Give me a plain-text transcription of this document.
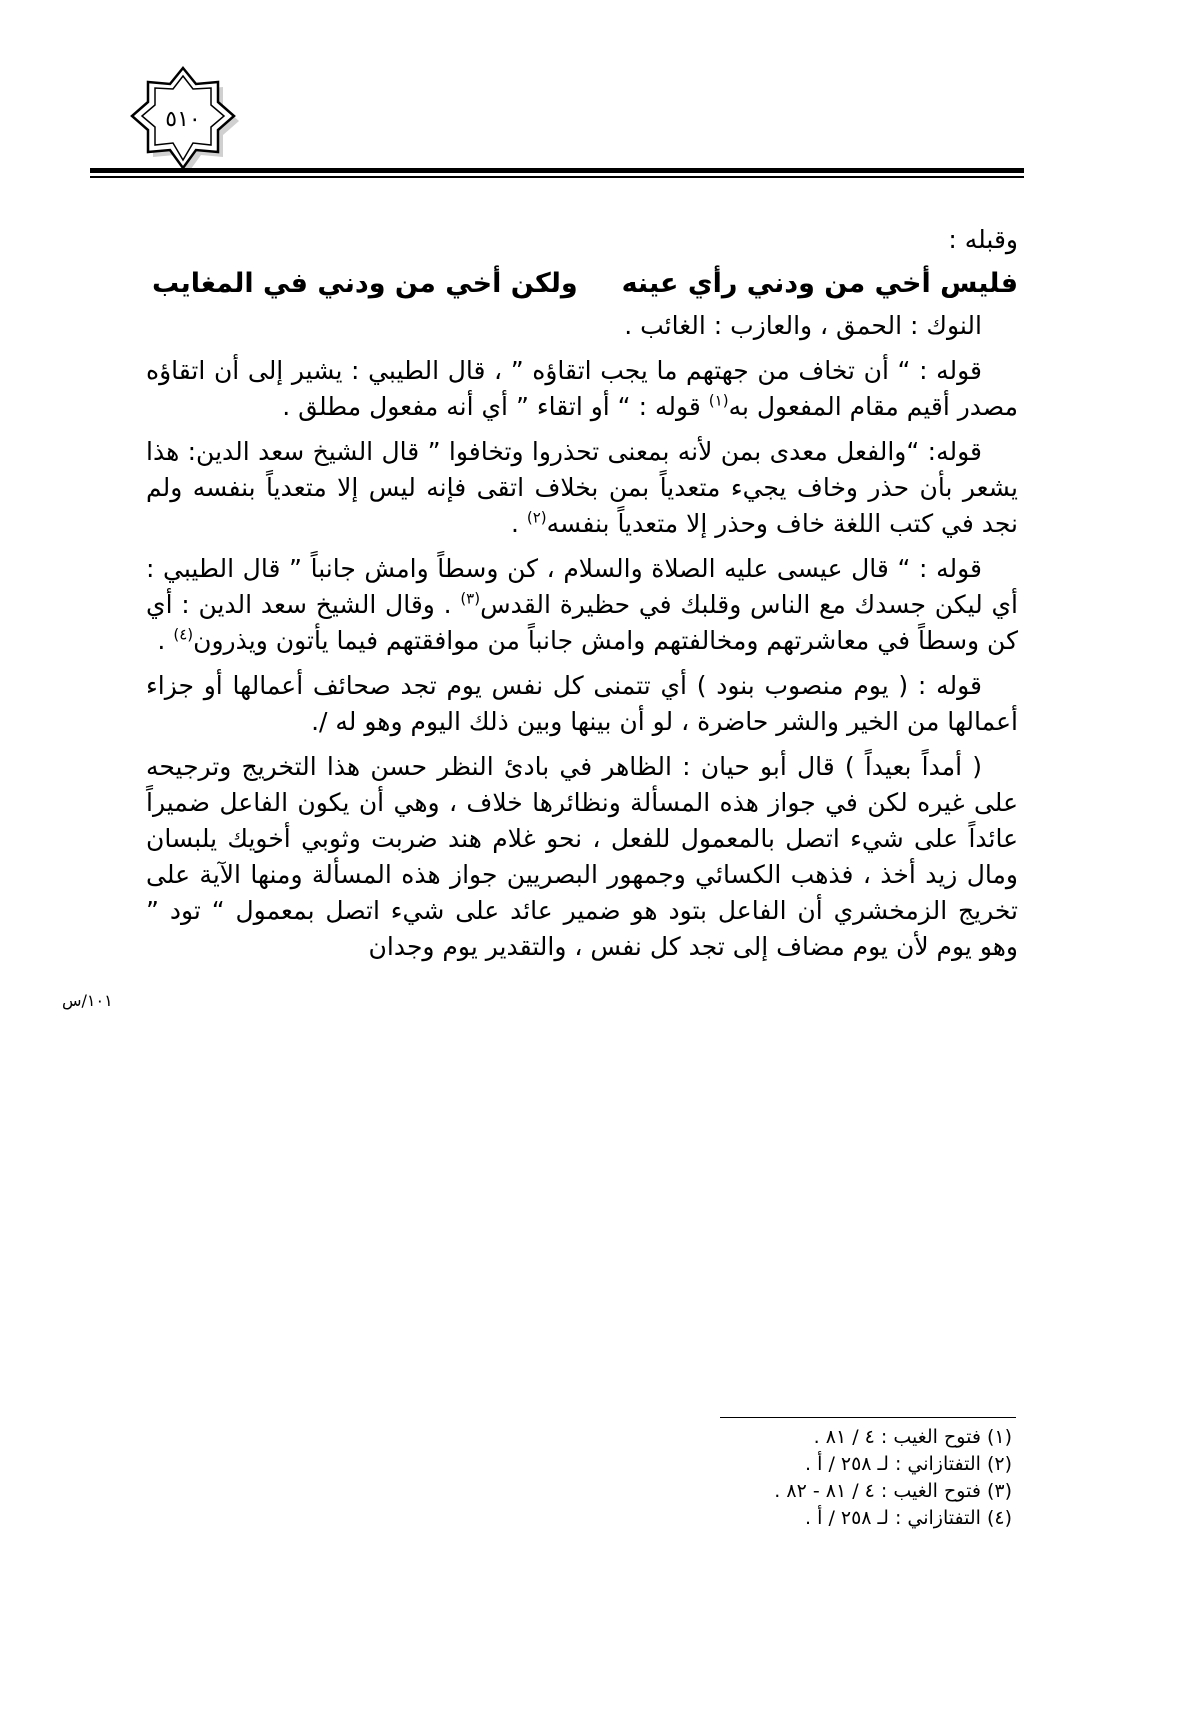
٥١٠

وقبله :

فليس أخي من ودني رأي عينه
ولكن أخي من ودني في المغايب

النوك : الحمق ، والعازب : الغائب .

قوله : “ أن تخاف من جهتهم ما يجب اتقاؤه ” ، قال الطيبي : يشير إلى أن اتقاؤه مصدر أقيم مقام المفعول به$^{(١)}$ قوله : “ أو اتقاء ” أي أنه مفعول مطلق .

قوله: “والفعل معدى بمن لأنه بمعنى تحذروا وتخافوا ” قال الشيخ سعد الدين: هذا يشعر بأن حذر وخاف يجيء متعدياً بمن بخلاف اتقى فإنه ليس إلا متعدياً بنفسه ولم نجد في كتب اللغة خاف وحذر إلا متعدياً بنفسه$^{(٢)}$ .

قوله : “ قال عيسى عليه الصلاة والسلام ، كن وسطاً وامش جانباً ” قال الطيبي : أي ليكن جسدك مع الناس وقلبك في حظيرة القدس$^{(٣)}$ . وقال الشيخ سعد الدين : أي كن وسطاً في معاشرتهم ومخالفتهم وامش جانباً من موافقتهم فيما يأتون ويذرون$^{(٤)}$ .

قوله : ( يوم منصوب بنود ) أي تتمنى كل نفس يوم تجد صحائف أعمالها أو جزاء أعمالها من الخير والشر حاضرة ، لو أن بينها وبين ذلك اليوم وهو له /.

( أمداً بعيداً ) قال أبو حيان : الظاهر في بادئ النظر حسن هذا التخريج وترجيحه على غيره لكن في جواز هذه المسألة ونظائرها خلاف ، وهي أن يكون الفاعل ضميراً عائداً على شيء اتصل بالمعمول للفعل ، نحو غلام هند ضربت وثوبي أخويك يلبسان ومال زيد أخذ ، فذهب الكسائي وجمهور البصريين جواز هذه المسألة ومنها الآية على تخريج الزمخشري أن الفاعل بتود هو ضمير عائد على شيء اتصل بمعمول “ تود ” وهو يوم لأن يوم مضاف إلى تجد كل نفس ، والتقدير يوم وجدان

١٠١/س
(١) فتوح الغيب : ٤ / ٨١ .
(٢) التفتازاني : لـ ٢٥٨ / أ .
(٣) فتوح الغيب : ٤ / ٨١ - ٨٢ .
(٤) التفتازاني : لـ ٢٥٨ / أ .
